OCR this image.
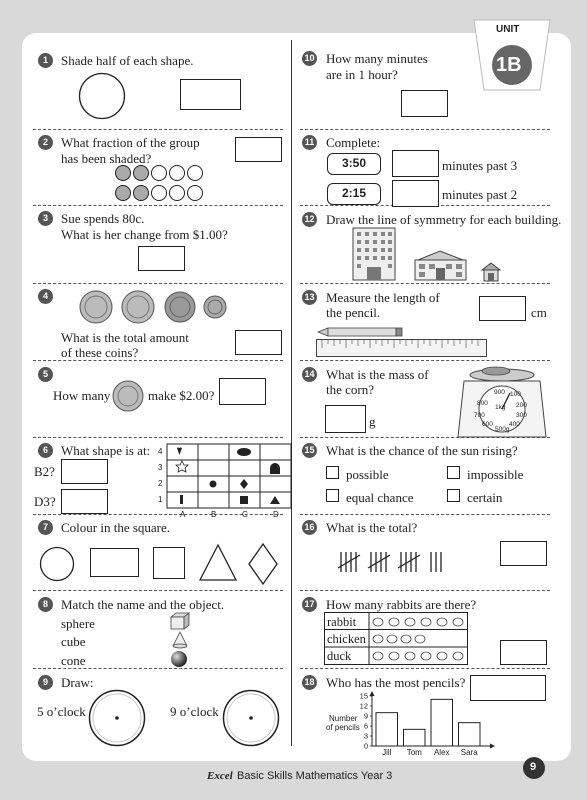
UNIT
1B
1	Shade half of each shape.	10 How many minutes
are in 1 hour?
2	What fraction of the group
has been shaded?
11 Complete:
3:50	minutes past 3
2:15	minutes past 2
3	Sue spends 80c.
What is her change from $1.00?
12 Draw the line of symmetry for each building.
4
What is the total amount
of these coins?
13 Measure the length of
the pencil.	cm
5
How many	make $2.00?
14 What is the mass of
the corn?
g
900 100
200
300
400
500g
600
700
800
1kg
6	What shape is at:
B2?
D3?
4
3
2
1
A	B	C	D
15 What is the chance of the sun rising?
possible	impossible
equal chance	certain
7	Colour in the square.	16 What is the total?
8	Match the name and the object.
sphere
cube
cone
17 How many rabbits are there?
rabbit
chicken
duck
9	Draw:
5 o’clock	9 o’clock
18 Who has the most pencils?
Number
of pencils
15
12
9
6
3
0
Jill Tom Alex Sara
Excel Basic Skills Mathematics Year 3
9
